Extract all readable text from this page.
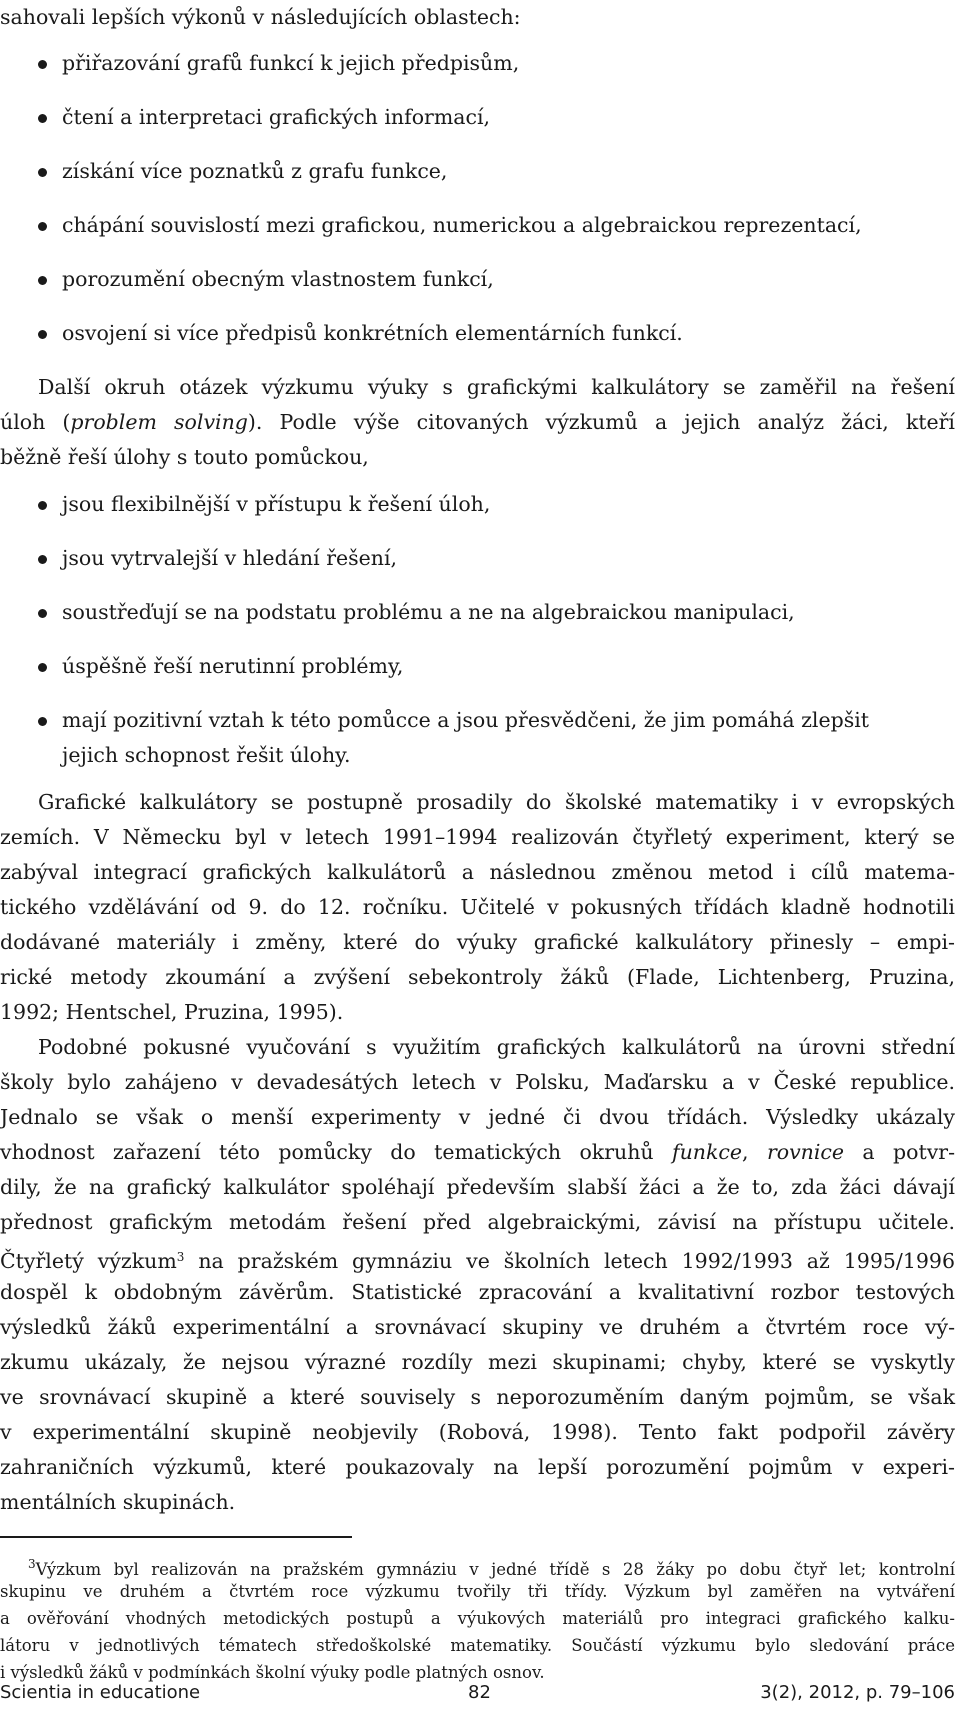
sahovali lepších výkonů v následujících oblastech:
přiřazování grafů funkcí k jejich předpisům,
čtení a interpretaci grafických informací,
získání více poznatků z grafu funkce,
chápání souvislostí mezi grafickou, numerickou a algebraickou reprezentací,
porozumění obecným vlastnostem funkcí,
osvojení si více předpisů konkrétních elementárních funkcí.
Další okruh otázek výzkumu výuky s grafickými kalkulátory se zaměřil na řešení
úloh (problem solving). Podle výše citovaných výzkumů a jejich analýz žáci, kteří
běžně řeší úlohy s touto pomůckou,
jsou flexibilnější v přístupu k řešení úloh,
jsou vytrvalejší v hledání řešení,
soustřeďují se na podstatu problému a ne na algebraickou manipulaci,
úspěšně řeší nerutinní problémy,
mají pozitivní vztah k této pomůcce a jsou přesvědčeni, že jim pomáhá zlepšit
jejich schopnost řešit úlohy.
Grafické kalkulátory se postupně prosadily do školské matematiky i v evropských
zemích. V Německu byl v letech 1991–1994 realizován čtyřletý experiment, který se
zabýval integrací grafických kalkulátorů a následnou změnou metod i cílů matema-
tického vzdělávání od 9. do 12. ročníku. Učitelé v pokusných třídách kladně hodnotili
dodávané materiály i změny, které do výuky grafické kalkulátory přinesly – empi-
rické metody zkoumání a zvýšení sebekontroly žáků (Flade, Lichtenberg, Pruzina,
1992; Hentschel, Pruzina, 1995).
Podobné pokusné vyučování s využitím grafických kalkulátorů na úrovni střední
školy bylo zahájeno v devadesátých letech v Polsku, Maďarsku a v České republice.
Jednalo se však o menší experimenty v jedné či dvou třídách. Výsledky ukázaly
vhodnost zařazení této pomůcky do tematických okruhů funkce, rovnice a potvr-
dily, že na grafický kalkulátor spoléhají především slabší žáci a že to, zda žáci dávají
přednost grafickým metodám řešení před algebraickými, závisí na přístupu učitele.
Čtyřletý výzkum$^3$ na pražském gymnáziu ve školních letech 1992/1993 až 1995/1996
dospěl k obdobným závěrům. Statistické zpracování a kvalitativní rozbor testových
výsledků žáků experimentální a srovnávací skupiny ve druhém a čtvrtém roce vý-
zkumu ukázaly, že nejsou výrazné rozdíly mezi skupinami; chyby, které se vyskytly
ve srovnávací skupině a které souvisely s neporozuměním daným pojmům, se však
v experimentální skupině neobjevily (Robová, 1998). Tento fakt podpořil závěry
zahraničních výzkumů, které poukazovaly na lepší porozumění pojmům v experi-
mentálních skupinách.
$^3$Výzkum byl realizován na pražském gymnáziu v jedné třídě s 28 žáky po dobu čtyř let; kontrolní
skupinu ve druhém a čtvrtém roce výzkumu tvořily tři třídy. Výzkum byl zaměřen na vytváření
a ověřování vhodných metodických postupů a výukových materiálů pro integraci grafického kalku-
látoru v jednotlivých tématech středoškolské matematiky. Součástí výzkumu bylo sledování práce
i výsledků žáků v podmínkách školní výuky podle platných osnov.
Scientia in educatione	82	3(2), 2012, p. 79–106
